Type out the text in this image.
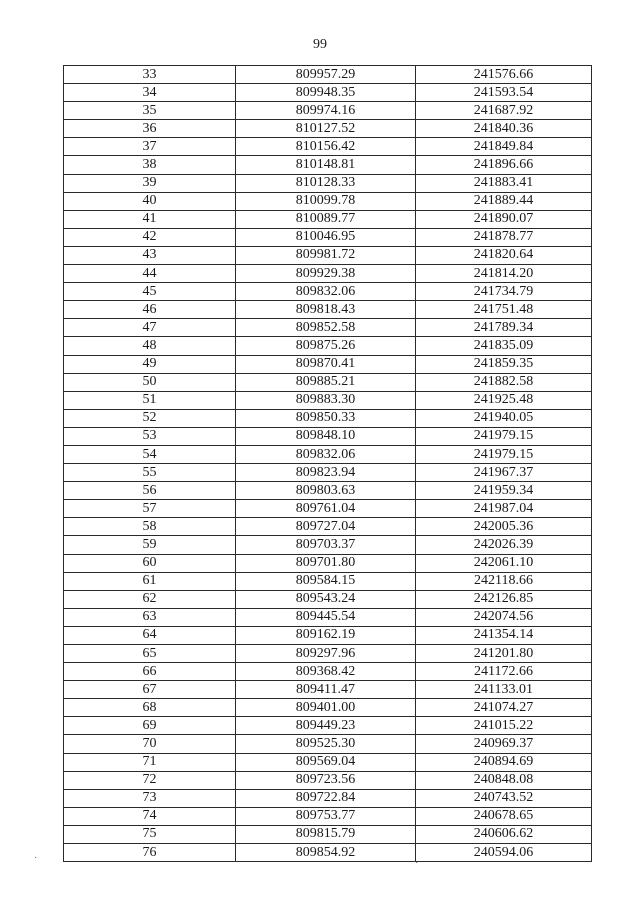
99
33	809957.29	241576.66
34	809948.35	241593.54
35	809974.16	241687.92
36	810127.52	241840.36
37	810156.42	241849.84
38	810148.81	241896.66
39	810128.33	241883.41
40	810099.78	241889.44
41	810089.77	241890.07
42	810046.95	241878.77
43	809981.72	241820.64
44	809929.38	241814.20
45	809832.06	241734.79
46	809818.43	241751.48
47	809852.58	241789.34
48	809875.26	241835.09
49	809870.41	241859.35
50	809885.21	241882.58
51	809883.30	241925.48
52	809850.33	241940.05
53	809848.10	241979.15
54	809832.06	241979.15
55	809823.94	241967.37
56	809803.63	241959.34
57	809761.04	241987.04
58	809727.04	242005.36
59	809703.37	242026.39
60	809701.80	242061.10
61	809584.15	242118.66
62	809543.24	242126.85
63	809445.54	242074.56
64	809162.19	241354.14
65	809297.96	241201.80
66	809368.42	241172.66
67	809411.47	241133.01
68	809401.00	241074.27
69	809449.23	241015.22
70	809525.30	240969.37
71	809569.04	240894.69
72	809723.56	240848.08
73	809722.84	240743.52
74	809753.77	240678.65
75	809815.79	240606.62
76	809854.92	240594.06
˙	·
